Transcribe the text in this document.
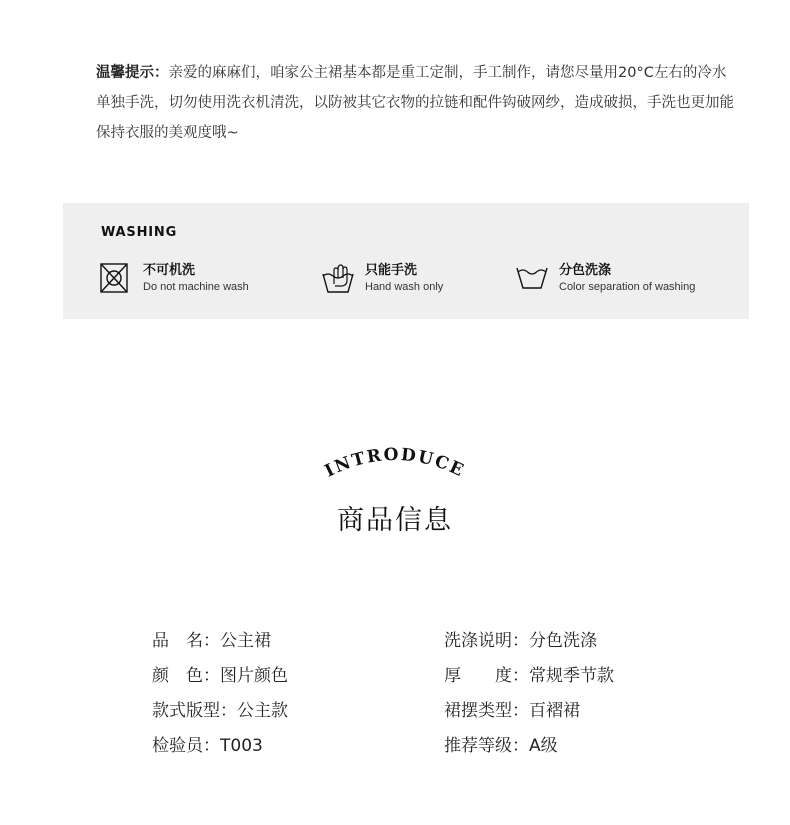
温馨提示：亲爱的麻麻们，咱家公主裙基本都是重工定制，手工制作，请您尽量用20°C左右的冷水单独手洗，切勿使用洗衣机清洗，以防被其它衣物的拉链和配件钩破网纱，造成破损，手洗也更加能保持衣服的美观度哦~
WASHING
不可机洗
Do not machine wash
只能手洗
Hand wash only
分色洗涤
Color separation of washing
INTRODUCE
商品信息
品　名：公主裙
颜　色：图片颜色
款式版型：公主款
检验员：T003
洗涤说明：分色洗涤
厚　　度：常规季节款
裙摆类型：百褶裙
推荐等级：A级
